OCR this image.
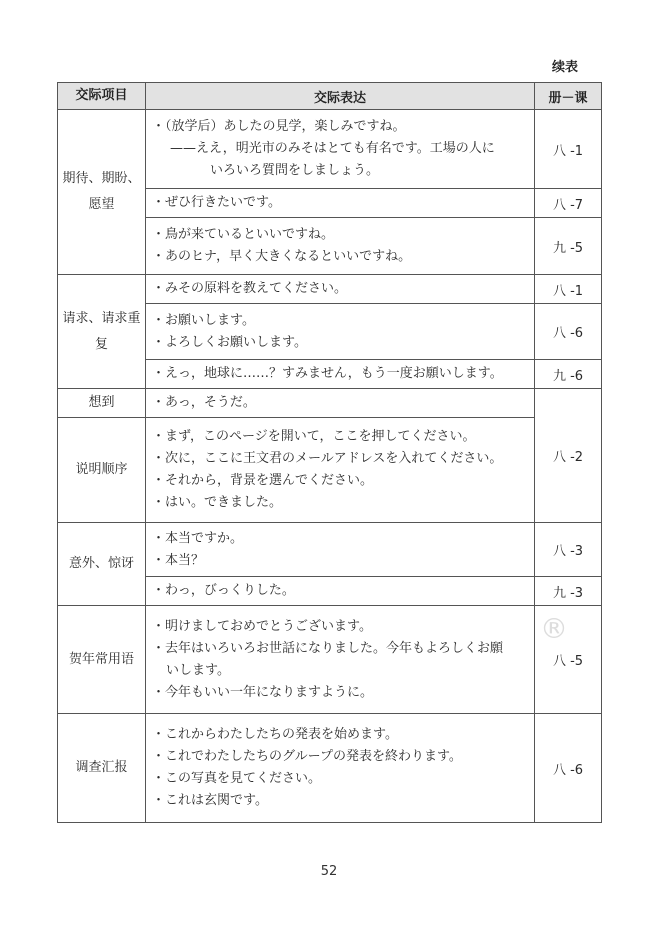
续表
交际项目	交际表达	册－课

期待、期盼、愿望	・（放学后）あしたの見学，楽しみですね。
——ええ，明光市のみそはとても有名です。工場の人に
いろいろ質問をしましょう。	八 -1

	・ぜひ行きたいです。	八 -7

	・鳥が来ているといいですね。
・あのヒナ，早く大きくなるといいですね。	九 -5

请求、请求重复	・みその原料を教えてください。	八 -1

	・お願いします。
・よろしくお願いします。	八 -6

	・えっ，地球に……？すみません，もう一度お願いします。	九 -6
想到	・あっ，そうだ。	八 -2
说明顺序	・まず，このページを開いて，ここを押してください。
・次に，ここに王文君のメールアドレスを入れてください。
・それから，背景を選んでください。
・はい。できました。	

意外、惊讶	・本当ですか。
・本当？	八 -3

	・わっ，びっくりした。	九 -3
贺年常用语	・明けましておめでとうございます。
・去年はいろいろお世話になりました。今年もよろしくお願
いします。
・今年もいい一年になりますように。	八 -5
调查汇报	・これからわたしたちの発表を始めます。
・これでわたしたちのグループの発表を終わります。
・この写真を見てください。
・これは玄関です。	八 -6
®
52
